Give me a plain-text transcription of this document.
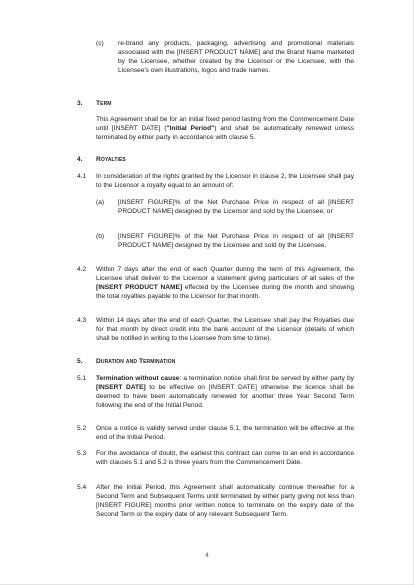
(c) re-brand any products, packaging, advertising and promotional materials associated with the [INSERT PRODUCT NAME] and the Brand Name marketed by the Licensee, whether created by the Licensor or the Licensee, with the Licensee's own illustrations, logos and trade names.
3. Term
This Agreement shall be for an initial fixed period lasting from the Commencement Date until [INSERT DATE] ("Initial Period") and shall be automatically renewed unless terminated by either party in accordance with clause 5.
4. Royalties
4.1 In consideration of the rights granted by the Licensor in clause 2, the Licensee shall pay to the Licensor a royalty equal to an amount of:
(a) [INSERT FIGURE]% of the Net Purchase Price in respect of all [INSERT PRODUCT NAME] designed by the Licensor and sold by the Licensee; or
(b) [INSERT FIGURE]% of the Net Purchase Price in respect of all [INSERT PRODUCT NAME] designed by the Licensee and sold by the Licensee.
4.2 Within 7 days after the end of each Quarter during the term of this Agreement, the Licensee shall deliver to the Licensor a statement giving particulars of all sales of the [INSERT PRODUCT NAME] effected by the Licensee during the month and showing the total royalties payable to the Licensor for that month.
4.3 Within 14 days after the end of each Quarter, the Licensee shall pay the Royalties due for that month by direct credit into the bank account of the Licensor (details of which shall be notified in writing to the Licensee from time to time).
5. Duration and Termination
5.1 Termination without cause: a termination notice shall first be served by either party by [INSERT DATE] to be effective on [INSERT DATE] otherwise the licence shall be deemed to have been automatically renewed for another three Year Second Term following the end of the Initial Period.
5.2 Once a notice is validly served under clause 5.1, the termination will be effective at the end of the Initial Period.
5.3 For the avoidance of doubt, the earliest this contract can come to an end in accordance with clauses 5.1 and 5.2 is three years from the Commencement Date.
5.4 After the Initial Period, this Agreement shall automatically continue thereafter for a Second Term and Subsequent Terms until terminated by either party giving not less than [INSERT FIGURE] months prior written notice to terminate on the expiry date of the Second Term or the expiry date of any relevant Subsequent Term.
4
